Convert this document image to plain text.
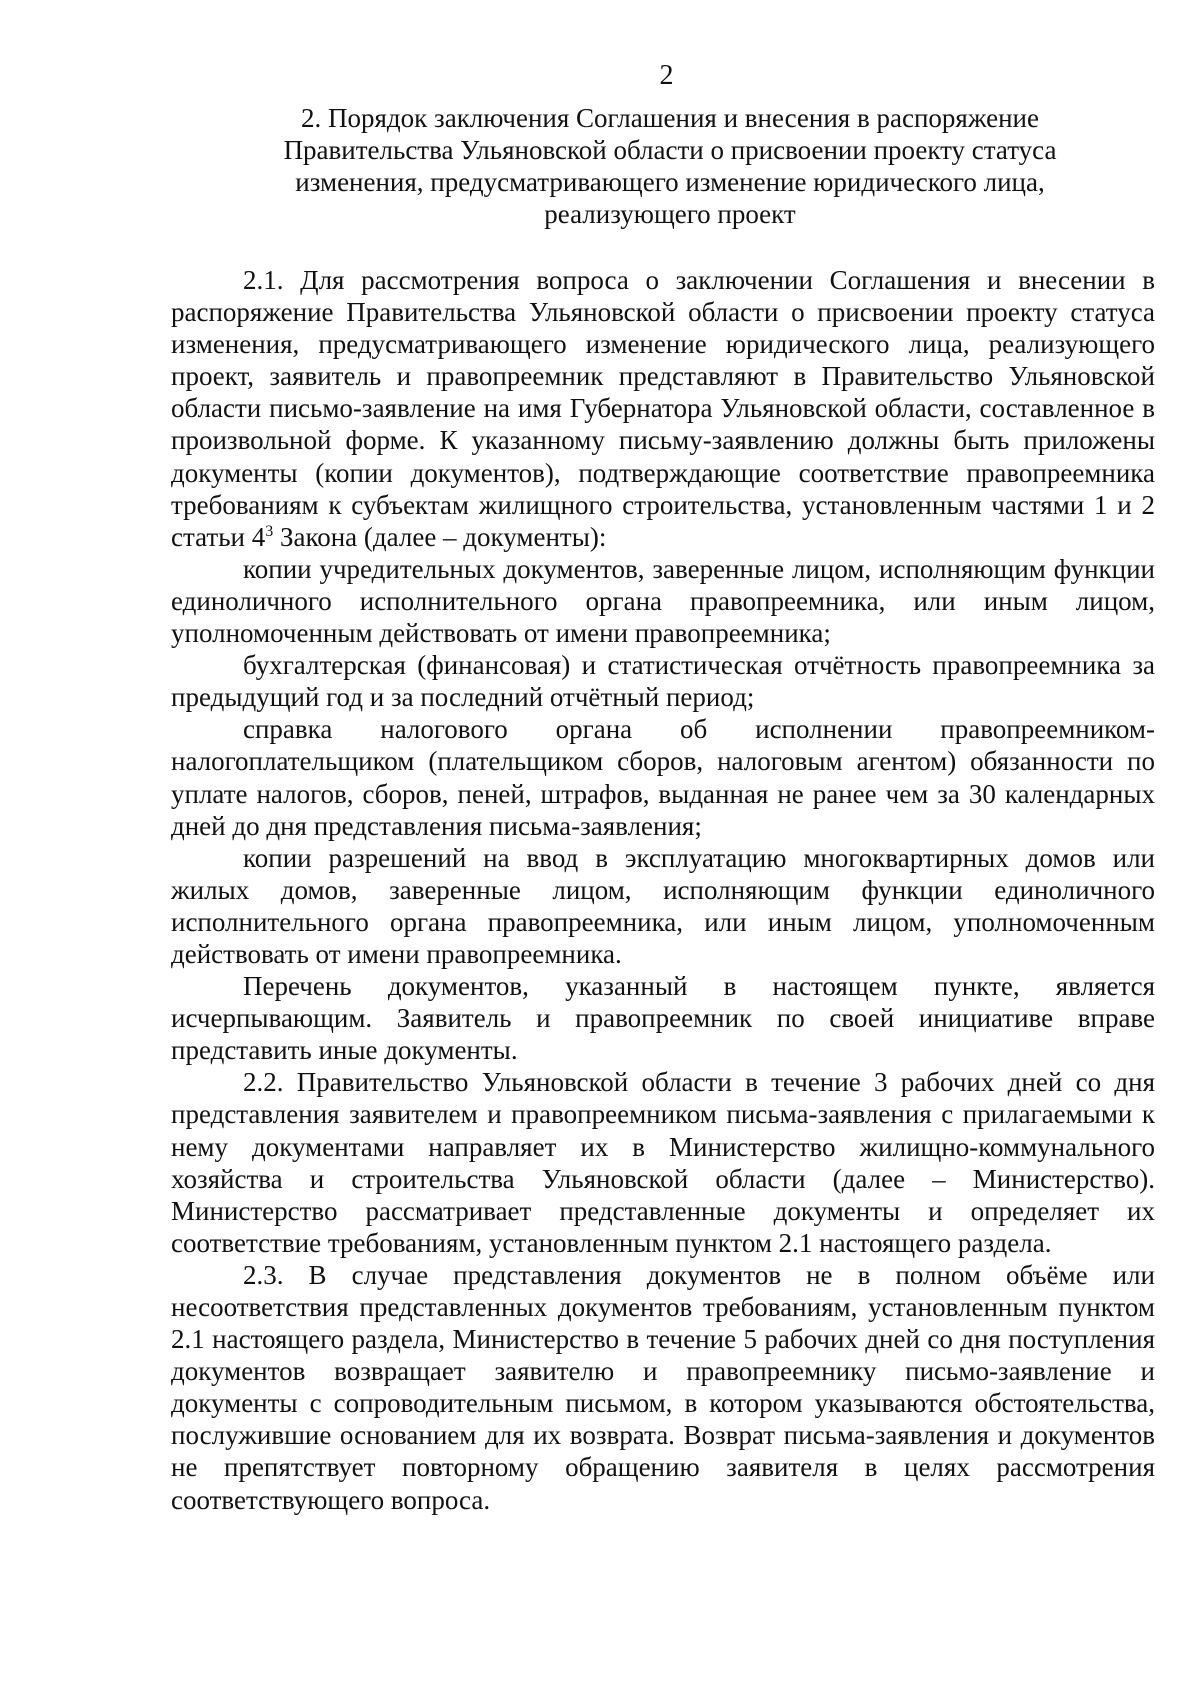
2
2. Порядок заключения Соглашения и внесения в распоряжение
Правительства Ульяновской области о присвоении проекту статуса
изменения, предусматривающего изменение юридического лица,
реализующего проект

2.1. Для рассмотрения вопроса о заключении Соглашения и внесении в распоряжение Правительства Ульяновской области о присвоении проекту статуса изменения, предусматривающего изменение юридического лица, реализующего проект, заявитель и правопреемник представляют в Правительство Ульяновской области письмо-заявление на имя Губернатора Ульяновской области, составленное в произвольной форме. К указанному письму-заявлению должны быть приложены документы (копии документов), подтверждающие соответствие правопреемника требованиям к субъектам жилищного строительства, установленным частями 1 и 2 статьи $4^3$ Закона (далее – документы):

копии учредительных документов, заверенные лицом, исполняющим функции единоличного исполнительного органа правопреемника, или иным лицом, уполномоченным действовать от имени правопреемника;

бухгалтерская (финансовая) и статистическая отчётность правопреемника за предыдущий год и за последний отчётный период;

справка налогового органа об исполнении правопреемником-налогоплательщиком (плательщиком сборов, налоговым агентом) обязанности по уплате налогов, сборов, пеней, штрафов, выданная не ранее чем за 30 календарных дней до дня представления письма-заявления;

копии разрешений на ввод в эксплуатацию многоквартирных домов или жилых домов, заверенные лицом, исполняющим функции единоличного исполнительного органа правопреемника, или иным лицом, уполномоченным действовать от имени правопреемника.

Перечень документов, указанный в настоящем пункте, является исчерпывающим. Заявитель и правопреемник по своей инициативе вправе представить иные документы.

2.2. Правительство Ульяновской области в течение 3 рабочих дней со дня представления заявителем и правопреемником письма-заявления с прилагаемыми к нему документами направляет их в Министерство жилищно-коммунального хозяйства и строительства Ульяновской области (далее – Министерство). Министерство рассматривает представленные документы и определяет их соответствие требованиям, установленным пунктом 2.1 настоящего раздела.

2.3. В случае представления документов не в полном объёме или несоответствия представленных документов требованиям, установленным пунктом 2.1 настоящего раздела, Министерство в течение 5 рабочих дней со дня поступления документов возвращает заявителю и правопреемнику письмо-заявление и документы с сопроводительным письмом, в котором указываются обстоятельства, послужившие основанием для их возврата. Возврат письма-заявления и документов не препятствует повторному обращению заявителя в целях рассмотрения соответствующего вопроса.
